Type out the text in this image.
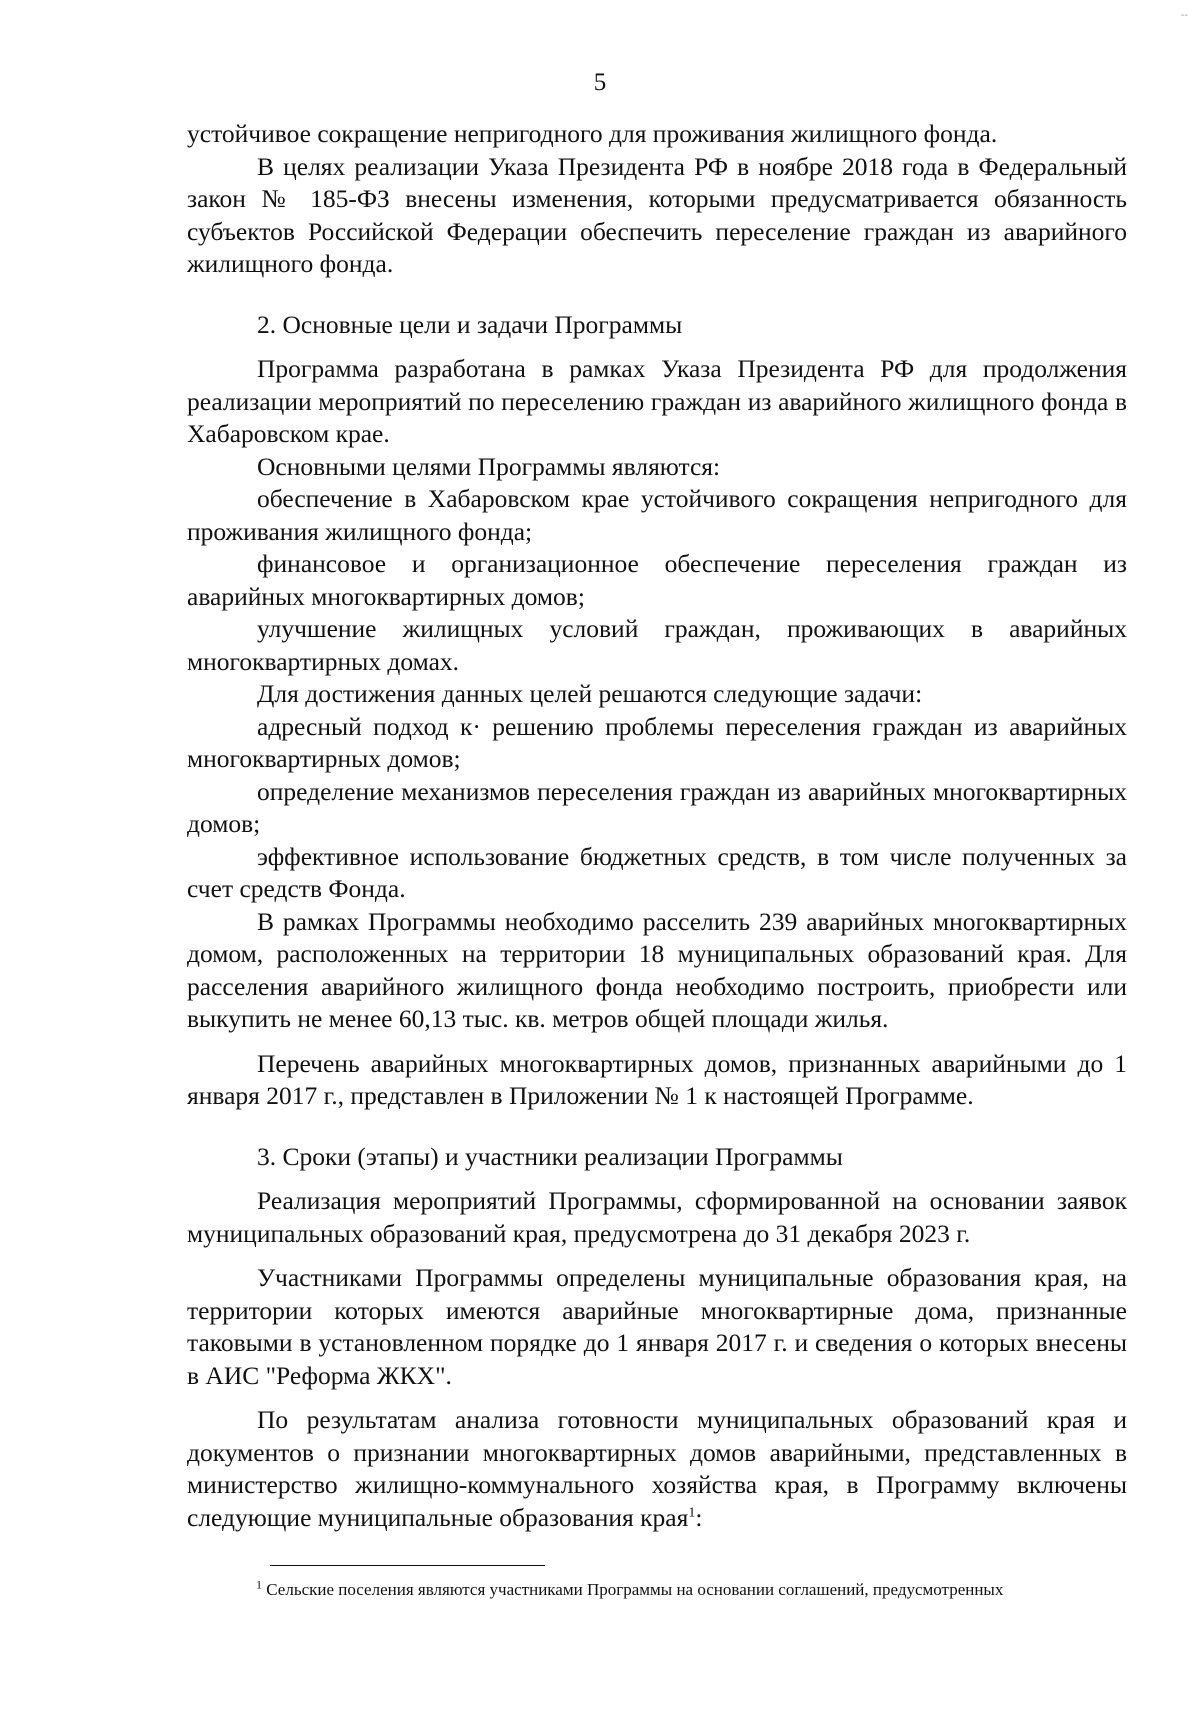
--
5

устойчивое сокращение непригодного для проживания жилищного фонда.

В целях реализации Указа Президента РФ в ноябре 2018 года в Федеральный закон № 185-ФЗ внесены изменения, которыми предусматривается обязанность субъектов Российской Федерации обеспечить переселение граждан из аварийного жилищного фонда.

2. Основные цели и задачи Программы

Программа разработана в рамках Указа Президента РФ для продолжения реализации мероприятий по переселению граждан из аварийного жилищного фонда в Хабаровском крае.

Основными целями Программы являются:

обеспечение в Хабаровском крае устойчивого сокращения непригодного для проживания жилищного фонда;

финансовое и организационное обеспечение переселения граждан из аварийных многоквартирных домов;

улучшение жилищных условий граждан, проживающих в аварийных многоквартирных домах.

Для достижения данных целей решаются следующие задачи:

адресный подход к· решению проблемы переселения граждан из аварийных многоквартирных домов;

определение механизмов переселения граждан из аварийных многоквартирных домов;

эффективное использование бюджетных средств, в том числе полученных за счет средств Фонда.

В рамках Программы необходимо расселить 239 аварийных многоквартирных домом, расположенных на территории 18 муниципальных образований края. Для расселения аварийного жилищного фонда необходимо построить, приобрести или выкупить не менее 60,13 тыс. кв. метров общей площади жилья.

Перечень аварийных многоквартирных домов, признанных аварийными до 1 января 2017 г., представлен в Приложении № 1 к настоящей Программе.

3. Сроки (этапы) и участники реализации Программы

Реализация мероприятий Программы, сформированной на основании заявок муниципальных образований края, предусмотрена до 31 декабря 2023 г.

Участниками Программы определены муниципальные образования края, на территории которых имеются аварийные многоквартирные дома, признанные таковыми в установленном порядке до 1 января 2017 г. и сведения о которых внесены в АИС "Реформа ЖКХ".

По результатам анализа готовности муниципальных образований края и документов о признании многоквартирных домов аварийными, представленных в министерство жилищно-коммунального хозяйства края, в Программу включены следующие муниципальные образования края$^1$:

$^1$ Сельские поселения являются участниками Программы на основании соглашений, предусмотренных
